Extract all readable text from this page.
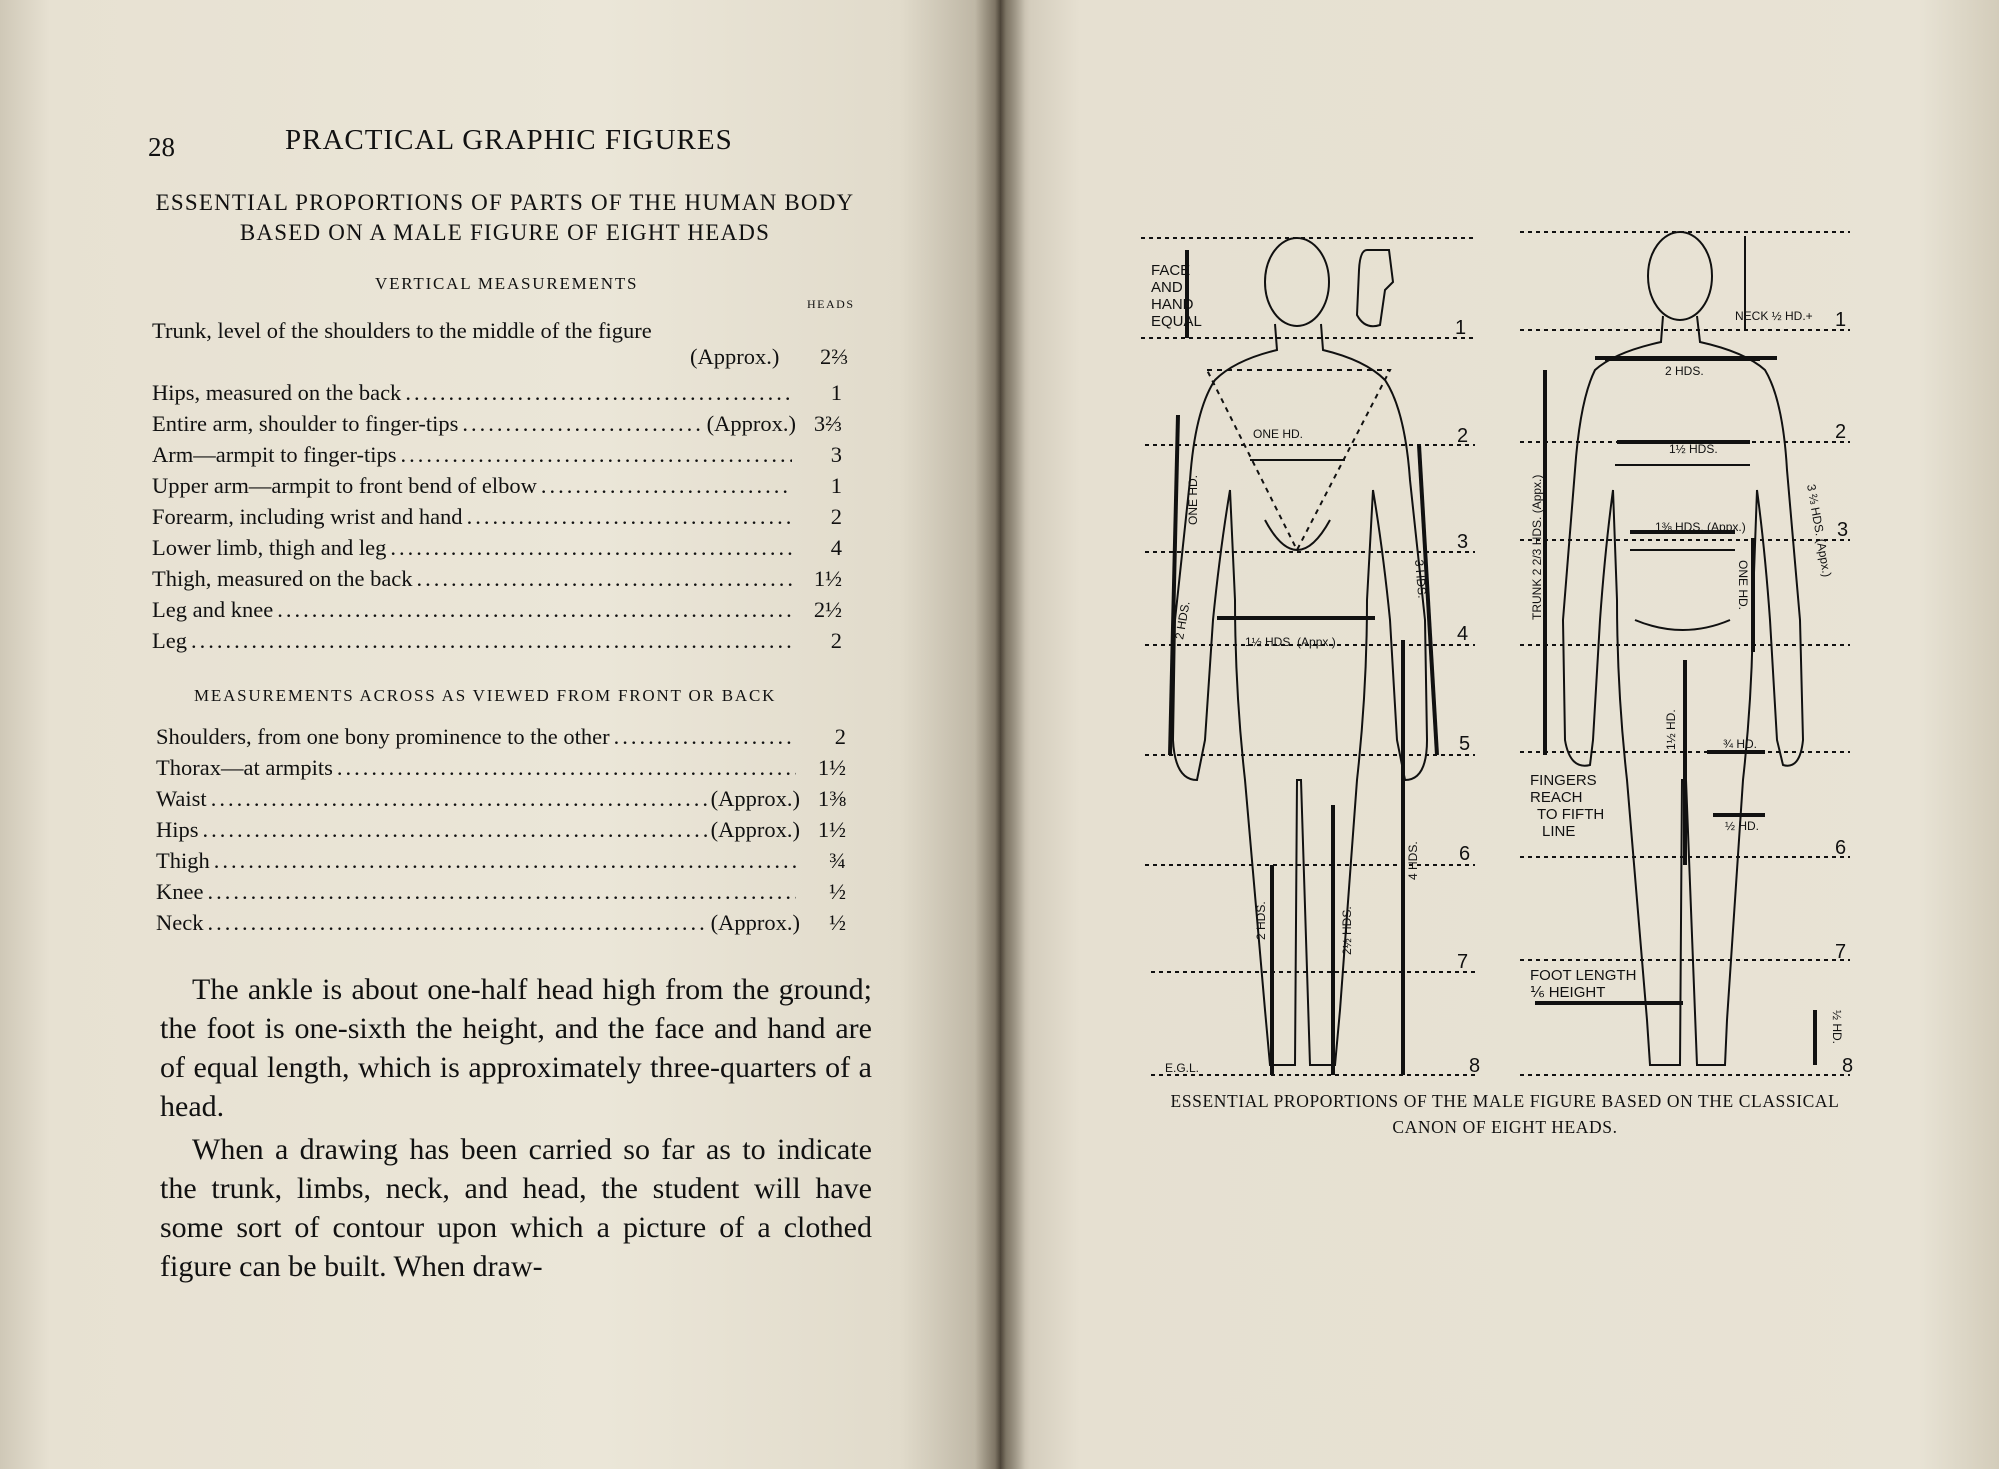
28	PRACTICAL GRAPHIC FIGURES
ESSENTIAL PROPORTIONS OF PARTS OF THE HUMAN BODY BASED ON A MALE FIGURE OF EIGHT HEADS
VERTICAL MEASUREMENTS
HEADS
Trunk, level of the shoulders to the middle of the figure
(Approx.) 2⅔
Hips, measured on the back .....	1
Entire arm, shoulder to finger-tips .....	(Approx.) 3⅔
Arm—armpit to finger-tips .....	3
Upper arm—armpit to front bend of elbow .....	1
Forearm, including wrist and hand .....	2
Lower limb, thigh and leg .....	4
Thigh, measured on the back .....	1½
Leg and knee .....	2½
Leg .....	2
MEASUREMENTS ACROSS AS VIEWED FROM FRONT OR BACK
Shoulders, from one bony prominence to the other .....	2
Thorax—at armpits .....	1½
Waist .....	(Approx.) 1⅜
Hips .....	(Approx.) 1½
Thigh .....	¾
Knee .....	½
Neck .....	(Approx.)	½
The ankle is about one-half head high from the ground; the foot is one-sixth the height, and the face and hand are of equal length, which is approximately three-quarters of a head.
When a drawing has been carried so far as to indicate the trunk, limbs, neck, and head, the student will have some sort of contour upon which a picture of a clothed figure can be built. When draw-
FACE
AND
HAND
EQUAL
ONE HD.
ONE HD.
2 HDS.
3 HDS.
1½ HDS. (Appx.)
4 HDS.
2 HDS.	2½ HDS.
E.G.L.
NECK ½ HD.+
2 HDS.
1½ HDS.
1⅜ HDS. (Appx.)
TRUNK 2 2/3 HDS. (Appx.)	3 ⅔ HDS. (Appx.)
ONE HD.
1½ HD.	¾ HD.
½ HD.
FINGERS
REACH
TO FIFTH
LINE
FOOT LENGTH
⅙ HEIGHT
½ HD.
1
2
3
4
5
6
7
8
1
2
3
6
7
8
ESSENTIAL PROPORTIONS OF THE MALE FIGURE BASED ON THE CLASSICAL CANON OF EIGHT HEADS.
